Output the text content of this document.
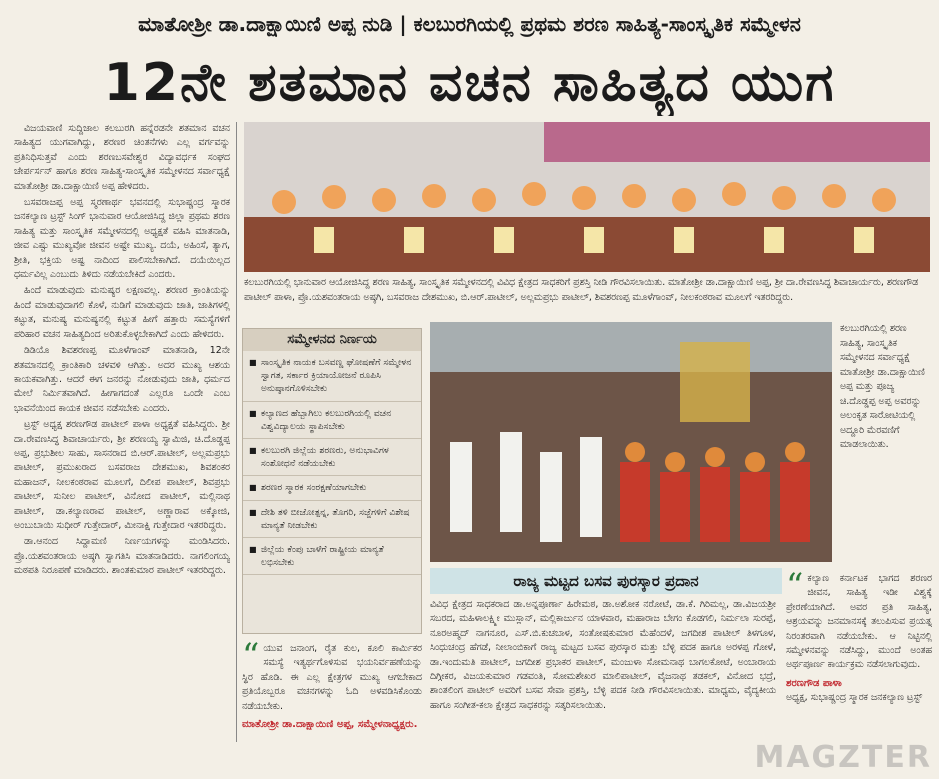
ಮಾತೋಶ್ರೀ ಡಾ.ದಾಕ್ಷಾಯಿಣಿ ಅಪ್ಪ ನುಡಿ | ಕಲಬುರಗಿಯಲ್ಲಿ ಪ್ರಥಮ ಶರಣ ಸಾಹಿತ್ಯ-ಸಾಂಸ್ಕೃತಿಕ ಸಮ್ಮೇಳನ
12ನೇ ಶತಮಾನ ವಚನ ಸಾಹಿತ್ಯದ ಯುಗ

ವಿಜಯವಾಣಿ ಸುದ್ದಿಜಾಲ ಕಲಬುರಗಿ ಹನ್ನೆರಡನೇ ಶತಮಾನ ವಚನ ಸಾಹಿತ್ಯದ ಯುಗವಾಗಿದ್ದು, ಶರಣರ ಚಿಂತನೆಗಳು ಎಲ್ಲ ವರ್ಗವನ್ನು ಪ್ರತಿನಿಧಿಸುತ್ತವೆ ಎಂದು ಶರಣಬಸವೇಶ್ವರ ವಿದ್ಯಾವರ್ಧಕ ಸಂಘದ ಚೇರ್ಪರ್ಸನ್ ಹಾಗೂ ಶರಣ ಸಾಹಿತ್ಯ-ಸಾಂಸ್ಕೃತಿಕ ಸಮ್ಮೇಳನದ ಸರ್ವಾಧ್ಯಕ್ಷೆ ಮಾತೋಶ್ರೀ ಡಾ.ದಾಕ್ಷಾಯಿಣಿ ಅಪ್ಪ ಹೇಳಿದರು.

ಬಸವರಾಜಪ್ಪ ಅಪ್ಪ ಸ್ಮರಣಾರ್ಥ ಭವನದಲ್ಲಿ ಸುಭಾಷ್ಚಂದ್ರ ಸ್ಮಾರಕ ಜನಕಲ್ಯಾಣ ಟ್ರಸ್ಟ್ ಸಿಂಗ್ ಭಾನುವಾರ ಆಯೋಜಿಸಿದ್ದ ಜಿಲ್ಲಾ ಪ್ರಥಮ ಶರಣ ಸಾಹಿತ್ಯ ಮತ್ತು ಸಾಂಸ್ಕೃತಿಕ ಸಮ್ಮೇಳನದಲ್ಲಿ ಅಧ್ಯಕ್ಷತೆ ವಹಿಸಿ ಮಾತನಾಡಿ, ಜೀವ ಎಷ್ಟು ಮುಖ್ಯವೋ ಜೀವನ ಅಷ್ಟೇ ಮುಖ್ಯ. ದಯೆ, ಅಹಿಂಸೆ, ತ್ಯಾಗ, ಶ್ರೀತಿ, ಭಕ್ತಿಯ ಅಷ್ಟ ನಾದಿಂದ ಪಾಲಿಸಬೇಕಾಗಿದೆ. ದಯೆಯಿಲ್ಲದ ಧರ್ಮವಿಲ್ಲ ಎಂಬುದು ತಿಳಿದು ನಡೆಯಬೇಕಿದೆ ಎಂದರು.

ಹಿಂದೆ ಮಾಡುವುದು ಮನುಷ್ಯರ ಲಕ್ಷಣವಲ್ಲ. ಶರಣರ ಕ್ರಾಂತಿಯನ್ನು ಹಿಂದೆ ಮಾಡುವುದಾಗಲಿ ಕೊಳೆ, ನುಡಿಗೆ ಮಾಡುವುದು ಜಾತಿ, ಜಾತಿಗಳಲ್ಲಿ ಕಟ್ಟುತ, ಮನುಷ್ಯ ಮನುಷ್ಯನಲ್ಲಿ ಕಟ್ಟುತ ಹೀಗೆ ಹತ್ತಾರು ಸಮಸ್ಯೆಗಳಿಗೆ ಪರಿಹಾರ ವಚನ ಸಾಹಿತ್ಯದಿಂದ ಅರಿತುಕೊಳ್ಳಬೇಕಾಗಿದೆ ಎಂದು ಹೇಳಿದರು.

ಡಿಡಿಯೊ ಶಿವಶರಣಪ್ಪ ಮೂಳೆಗಾಂವ್ ಮಾತನಾಡಿ, 12ನೇ ಶತಮಾನದಲ್ಲಿ ಕ್ರಾಂತಿಕಾರಿ ಚಳವಳಿ ಆಗಿತ್ತು. ಅದರ ಮುಖ್ಯ ಆಶಯ ಕಾಯಕವಾಗಿತ್ತು. ಆದರೆ ಈಗ ಜನರನ್ನು ನೋಡುವುದು ಜಾತಿ, ಧರ್ಮದ ಮೇಲೆ ನಿರ್ಮಿತವಾಗಿದೆ. ಹೀಗಾಗದಂತೆ ಎಲ್ಲರೂ ಒಂದೇ ಎಂಬ ಭಾವನೆಯಿಂದ ಕಾಯಕ ಜೀವನ ನಡೆಸಬೇಕು ಎಂದರು.

ಟ್ರಸ್ಟ್ ಅಧ್ಯಕ್ಷ ಶರಣಗೌಡ ಪಾಟೀಲ್ ಪಾಳಾ ಅಧ್ಯಕ್ಷತೆ ವಹಿಸಿದ್ದರು. ಶ್ರೀ ದಾ.ರೇವಣಸಿದ್ಧ ಶಿವಾಚಾರ್ಯರು, ಶ್ರೀ ಶರಣಯ್ಯ ಸ್ವಾಮಿಜಿ, ಚಿ.ದೊಡ್ಡಪ್ಪ ಅಪ್ಪ, ಪ್ರಭುಶೀಲ ಸಾಹು, ಸಾಸನರಾದ ಬಿ.ಆರ್.ಪಾಟೀಲ್, ಅಲ್ಲಮಪ್ರಭು ಪಾಟೀಲ್, ಪ್ರಮುಖರಾದ ಬಸವರಾಜ ದೇಶಮುಖ, ಶಿವಶಂಕರ ಮಹಾಜನ್, ನೀಲಕಂಠರಾವ ಮೂಲಗೆ, ದಿಲೀಪ ಪಾಟೀಲ್, ಶಿವಪ್ರಭು ಪಾಟೀಲ್, ಸುನೀಲ ಪಾಟೀಲ್, ವಿನೋದ ಪಾಟೀಲ್, ಮಲ್ಲಿನಾಥ ಪಾಟೀಲ್, ಡಾ.ಕಲ್ಯಾಣರಾವ ಪಾಟೀಲ್, ಅಣ್ಣಾರಾವ ಅಕ್ಕೋಜಿ, ಅಂಬುಬಾಯಿ ಸುಧೀರ್ ಗುತ್ತೇದಾರ್, ಮೀನಾಕ್ಷಿ ಗುತ್ತೇದಾರ ಇತರರಿದ್ದರು.

ಡಾ.ಆನಂದ ಸಿದ್ದಾಮಣಿ ನಿರ್ಣಯಗಳನ್ನು ಮಂಡಿಸಿದರು. ಪ್ರೊ.ಯಶವಂತರಾಯ ಅಷ್ಠಗಿ ಸ್ವಾಗತಿಸಿ ಮಾತನಾಡಿದರು. ನಾಗಲಿಂಗಯ್ಯ ಮಠಪತಿ ನಿರೂಪಣೆ ಮಾಡಿದರು. ಶಾಂತಕುಮಾರ ಪಾಟೀಲ್ ಇತರರಿದ್ದರು.

ಕಲಬುರಗಿಯಲ್ಲಿ ಭಾನುವಾರ ಆಯೋಜಿಸಿದ್ದ ಶರಣ ಸಾಹಿತ್ಯ, ಸಾಂಸ್ಕೃತಿಕ ಸಮ್ಮೇಳನದಲ್ಲಿ ವಿವಿಧ ಕ್ಷೇತ್ರದ ಸಾಧಕರಿಗೆ ಪ್ರಶಸ್ತಿ ನೀಡಿ ಗೌರವಿಸಲಾಯಿತು. ಮಾತೋಶ್ರೀ ಡಾ.ದಾಕ್ಷಾಯಿಣಿ ಅಪ್ಪ, ಶ್ರೀ ದಾ.ರೇವಣಸಿದ್ಧ ಶಿವಾಚಾರ್ಯರು, ಶರಣಗೌಡ ಪಾಟೀಲ್ ಪಾಳಾ, ಪ್ರೊ.ಯಶವಂತರಾಯ ಅಷ್ಠಗಿ, ಬಸವರಾಜ ದೇಶಮುಖ, ಬಿ.ಆರ್.ಪಾಟೀಲ್, ಅಲ್ಲಮಪ್ರಭು ಪಾಟೀಲ್, ಶಿವಶರಣಪ್ಪ ಮೂಳೆಗಾಂವ್, ನೀಲಕಂಠರಾವ ಮೂಲಗೆ ಇತರರಿದ್ದರು.
ಸಮ್ಮೇಳನದ ನಿರ್ಣಯ
■ ಸಾಂಸ್ಕೃತಿಕ ನಾಯಕ ಬಸವಣ್ಣ ಘೋಷಣೆಗೆ ಸಮ್ಮೇಳನ ಸ್ವಾಗತ, ಸರ್ಕಾರ ಕ್ರಿಯಾಯೋಜನೆ ರೂಪಿಸಿ ಅನುಷ್ಠಾನಗೊಳಿಸಬೇಕು
■ ಕಲ್ಯಾಣದ ಹೆಬ್ಬಾಗಿಲು ಕಲಬುರಗಿಯಲ್ಲಿ ವಚನ ವಿಶ್ವವಿದ್ಯಾಲಯ ಸ್ಥಾಪಿಸಬೇಕು
■ ಕಲಬುರಗಿ ಜಿಲ್ಲೆಯ ಶರಣರು, ಅನುಭಾವಿಗಳ ಸಂಶೋಧನೆ ನಡೆಯಬೇಕು
■ ಶರಣರ ಸ್ಮಾರಕ ಸಂರಕ್ಷಣೆಯಾಗಬೇಕು
■ ದೇಶಿ ತಳಿ ಬೀಜೋತ್ಪನ್ನ, ತೊಗರಿ, ಸಜ್ಜೆಗಳಿಗೆ ವಿಶೇಷ ಮಾನ್ಯತೆ ನೀಡಬೇಕು
■ ಜಿಲ್ಲೆಯ ಕೆಂಪು ಬಾಳೆಗೆ ರಾಷ್ಟ್ರೀಯ ಮಾನ್ಯತೆ ಲಭಿಸಬೇಕು
“ ಯುವ ಜನಾಂಗ, ರೈತ ಕುಲ, ಕೂಲಿ ಕಾರ್ಮಿಕರ ಸಮಸ್ಯೆ ಇತ್ಯರ್ಥಗೊಳಿಸುವ ಭಯನಿರ್ವಹಣೆಯನ್ನು ಸ್ಥಿರ ಹೊಡಿ. ಈ ಎಲ್ಲ ಕ್ಷೇತ್ರಗಳ ಮುಖ್ಯ ಆಗಬೇಕಾದ ಪ್ರತಿಯೊಬ್ಬರೂ ವಚನಗಳನ್ನು ಓದಿ ಅಳವಡಿಸಿಕೊಂಡು ನಡೆಯಬೇಕು.
ಮಾತೋಶ್ರೀ ಡಾ.ದಾಕ್ಷಾಯಿಣಿ ಅಪ್ಪ, ಸಮ್ಮೇಳನಾಧ್ಯಕ್ಷರು.
ಕಲಬುರಗಿಯಲ್ಲಿ ಶರಣ ಸಾಹಿತ್ಯ, ಸಾಂಸ್ಕೃತಿಕ ಸಮ್ಮೇಳನದ ಸರ್ವಾಧ್ಯಕ್ಷೆ ಮಾತೋಶ್ರೀ ಡಾ.ದಾಕ್ಷಾಯಿಣಿ ಅಪ್ಪ ಮತ್ತು ಪೂಜ್ಯ ಚಿ.ದೊಡ್ಡಪ್ಪ ಅಪ್ಪ ಅವರನ್ನು ಅಲಂಕೃತ ಸಾರೋಟಿಯಲ್ಲಿ ಅದ್ದೂರಿ ಮೆರವಣಿಗೆ ಮಾಡಲಾಯಿತು.
ರಾಜ್ಯ ಮಟ್ಟದ ಬಸವ ಪುರಸ್ಕಾರ ಪ್ರದಾನ
ವಿವಿಧ ಕ್ಷೇತ್ರದ ಸಾಧಕರಾದ ಡಾ.ಅನ್ನಪೂರ್ಣಾ ಹಿರೇಮಠ, ಡಾ.ಅಶೋಕ ನರೋಟೆ, ಡಾ.ಕೆ. ಗಿರಿಮಲ್ಲ, ಡಾ.ವಿಜಯಶ್ರೀ ಸಬರದ, ಮಹಿಳಾಲಕ್ಷ್ಮೀ ಮುಸ್ಲಾನ್, ಮಲ್ಲಿಕಾರ್ಜುನ ಯಾಳವಾರ, ಮಹಾರಾಜ ಬೇಗಂ ಕೊಡಗಲಿ, ನಿರ್ಮಲಾ ಸುರಪ್ಪೆ, ನೂರಅಹ್ಮದ್ ನಾಗನೂರ, ಎಸ್.ಬಿ.ಕುಚಬಾಳ, ಸಂತೋಷಕುಮಾರ ಮೆಹೆಂದಳೆ, ಜಗದೀಶ ಪಾಟೀಲ್ ತಿಳಗೂಳ, ಸಿಂಧುಚಂದ್ರ ಹೆಗಡೆ, ನೀಲಾಂಬಿಕಾಗೆ ರಾಜ್ಯ ಮಟ್ಟದ ಬಸವ ಪುರಸ್ಕಾರ ಮತ್ತು ಬೆಳ್ಳಿ ಪದಕ ಹಾಗೂ ಅರಳಪ್ಪ ಗೋಳೆ, ಡಾ.ಇಂದುಮತಿ ಪಾಟೀಲ್, ಜಗದೀಶ ಪ್ರಭಾಕರ ಪಾಟೀಲ್, ಮಂಜುಳಾ ಸೋಮನಾಥ ಬಾಗಲಕೋಟೆ, ಅಂಬಾರಾಯ ದಿಗ್ಗೀಕರ, ವಿಜಯಕುಮಾರ ಗಡವಂತಿ, ಸೋಮಶೇಖರ ಮಾಲಿಪಾಟೀಲ್, ವೈಜನಾಥ ತಡಕಲ್, ವಿನೋದ ಭದ್ರೆ, ಶಾಂತಲಿಂಗ ಪಾಟೀಲ್ ಅವರಿಗೆ ಬಸವ ಸೇವಾ ಪ್ರಶಸ್ತಿ, ಬೆಳ್ಳಿ ಪದಕ ನೀಡಿ ಗೌರವಿಸಲಾಯಿತು. ಮಾಧ್ಯಮ, ವೈದ್ಯಕೀಯ ಹಾಗೂ ಸಂಗೀತ-ಕಲಾ ಕ್ಷೇತ್ರದ ಸಾಧಕರನ್ನು ಸತ್ಕರಿಸಲಾಯಿತು.
“ ಕಲ್ಯಾಣ ಕರ್ನಾಟಕ ಭಾಗದ ಶರಣರ ಜೀವನ, ಸಾಹಿತ್ಯ ಇಡೀ ವಿಶ್ವಕ್ಕೆ ಪ್ರೇರಣೆಯಾಗಿದೆ. ಅವರ ಪ್ರತಿ ಸಾಹಿತ್ಯ, ಆಶ್ರಯವನ್ನು ಜನಮಾನಸಕ್ಕೆ ತಲುಪಿಸುವ ಪ್ರಯತ್ನ ನಿರಂತರವಾಗಿ ನಡೆಯಬೇಕು. ಆ ನಿಟ್ಟಿನಲ್ಲಿ ಸಮ್ಮೇಳನವನ್ನು ನಡೆಸಿದ್ದು, ಮುಂದೆ ಅಂತಹ ಅರ್ಥಪೂರ್ಣ ಕಾರ್ಯಕ್ರಮ ನಡೆಸಲಾಗುವುದು.
ಶರಣಗೌಡ ಪಾಳಾ
ಅಧ್ಯಕ್ಷ, ಸುಭಾಷ್ಚಂದ್ರ ಸ್ಮಾರಕ ಜನಕಲ್ಯಾಣ ಟ್ರಸ್ಟ್
MAGZTER
